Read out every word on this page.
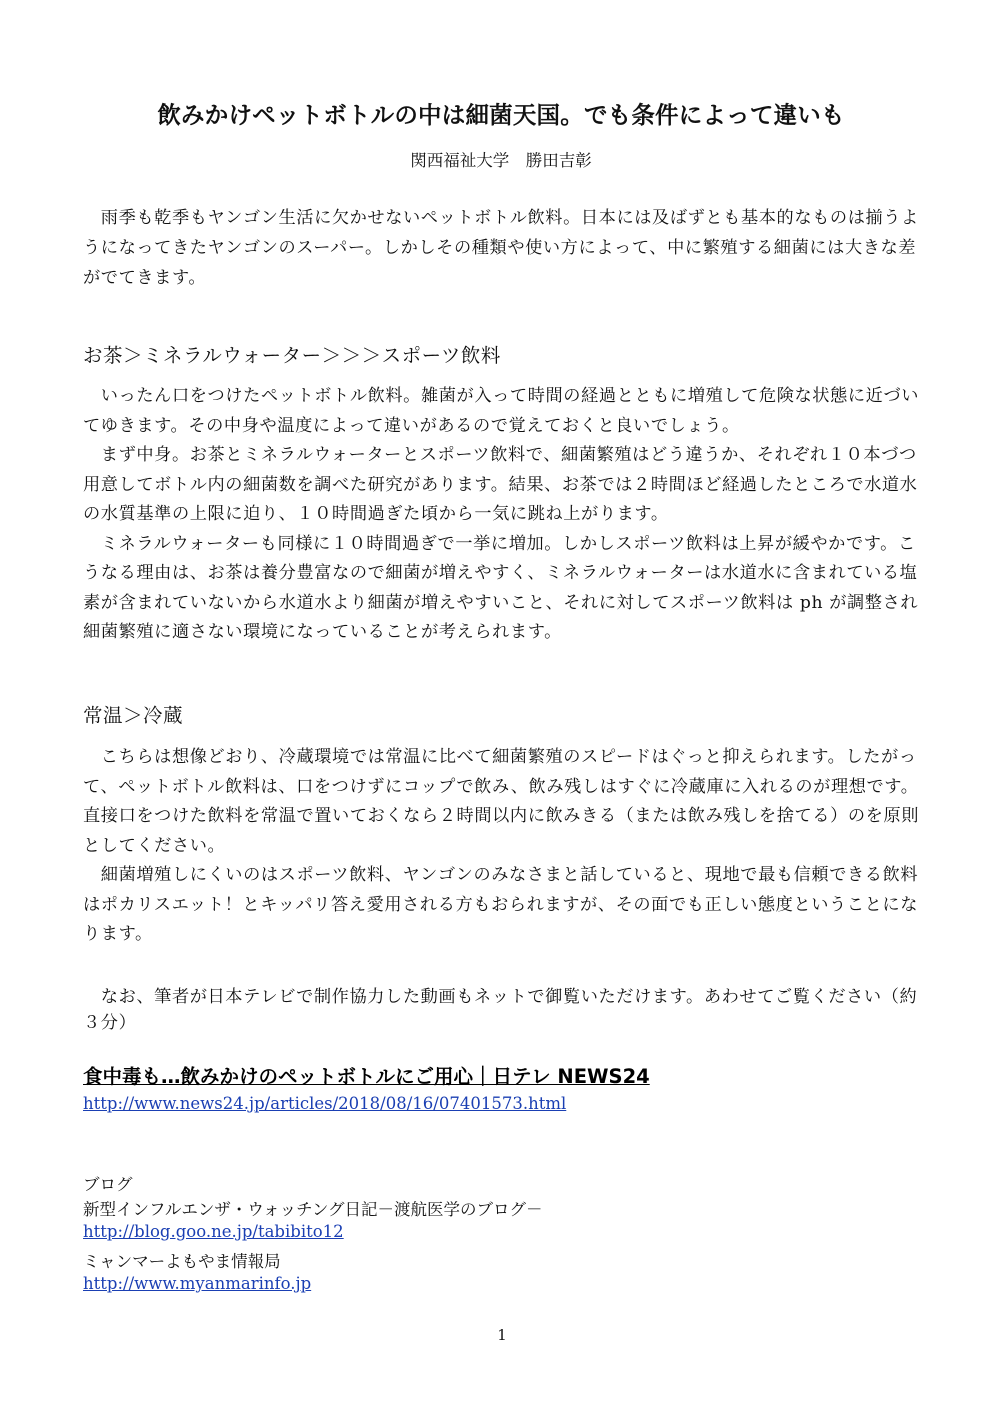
飲みかけペットボトルの中は細菌天国。でも条件によって違いも
関西福祉大学　勝田吉彰

　雨季も乾季もヤンゴン生活に欠かせないペットボトル飲料。日本には及ばずとも基本的なものは揃うようになってきたヤンゴンのスーパー。しかしその種類や使い方によって、中に繁殖する細菌には大きな差がでてきます。

お茶＞ミネラルウォーター＞＞＞スポーツ飲料

　いったん口をつけたペットボトル飲料。雑菌が入って時間の経過とともに増殖して危険な状態に近づいてゆきます。その中身や温度によって違いがあるので覚えておくと良いでしょう。
　まず中身。お茶とミネラルウォーターとスポーツ飲料で、細菌繁殖はどう違うか、それぞれ１０本づつ用意してボトル内の細菌数を調べた研究があります。結果、お茶では２時間ほど経過したところで水道水の水質基準の上限に迫り、１０時間過ぎた頃から一気に跳ね上がります。
　ミネラルウォーターも同様に１０時間過ぎで一挙に増加。しかしスポーツ飲料は上昇が緩やかです。こうなる理由は、お茶は養分豊富なので細菌が増えやすく、ミネラルウォーターは水道水に含まれている塩素が含まれていないから水道水より細菌が増えやすいこと、それに対してスポーツ飲料は ph が調整され細菌繁殖に適さない環境になっていることが考えられます。

常温＞冷蔵

　こちらは想像どおり、冷蔵環境では常温に比べて細菌繁殖のスピードはぐっと抑えられます。したがって、ペットボトル飲料は、口をつけずにコップで飲み、飲み残しはすぐに冷蔵庫に入れるのが理想です。直接口をつけた飲料を常温で置いておくなら２時間以内に飲みきる（または飲み残しを捨てる）のを原則としてください。
　細菌増殖しにくいのはスポーツ飲料、ヤンゴンのみなさまと話していると、現地で最も信頼できる飲料はポカリスエット！とキッパリ答え愛用される方もおられますが、その面でも正しい態度ということになります。

　なお、筆者が日本テレビで制作協力した動画もネットで御覧いただけます。あわせてご覧ください（約３分）

食中毒も…飲みかけのペットボトルにご用心｜日テレ NEWS24
http://www.news24.jp/articles/2018/08/16/07401573.html
ブログ
新型インフルエンザ・ウォッチング日記－渡航医学のブログ－
http://blog.goo.ne.jp/tabibito12
ミャンマーよもやま情報局
http://www.myanmarinfo.jp
1
